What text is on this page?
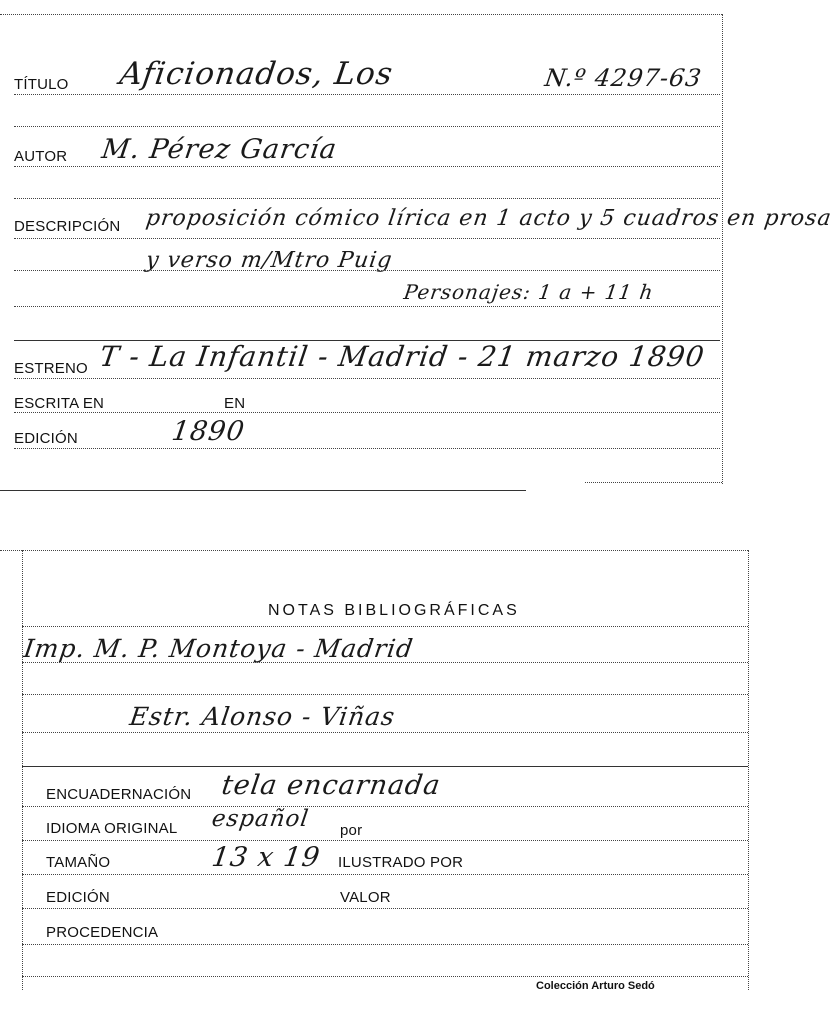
TÍTULO Aficionados, Los	N.º 4297-63
AUTOR M. Pérez García
DESCRIPCIÓN proposición cómico lírica en 1 acto y 5 cuadros en prosa
y verso m/Mtro Puig
Personajes: 1 a + 11 h
ESTRENO T - La Infantil - Madrid - 21 marzo 1890
ESCRITA EN	EN
EDICIÓN	1890
NOTAS BIBLIOGRÁFICAS
Imp. M. P. Montoya - Madrid
Estr. Alonso - Viñas
ENCUADERNACIÓN tela encarnada
IDIOMA ORIGINAL español por
TAMAÑO	13 x 19 ILUSTRADO POR
EDICIÓN	VALOR
PROCEDENCIA
Colección Arturo Sedó
